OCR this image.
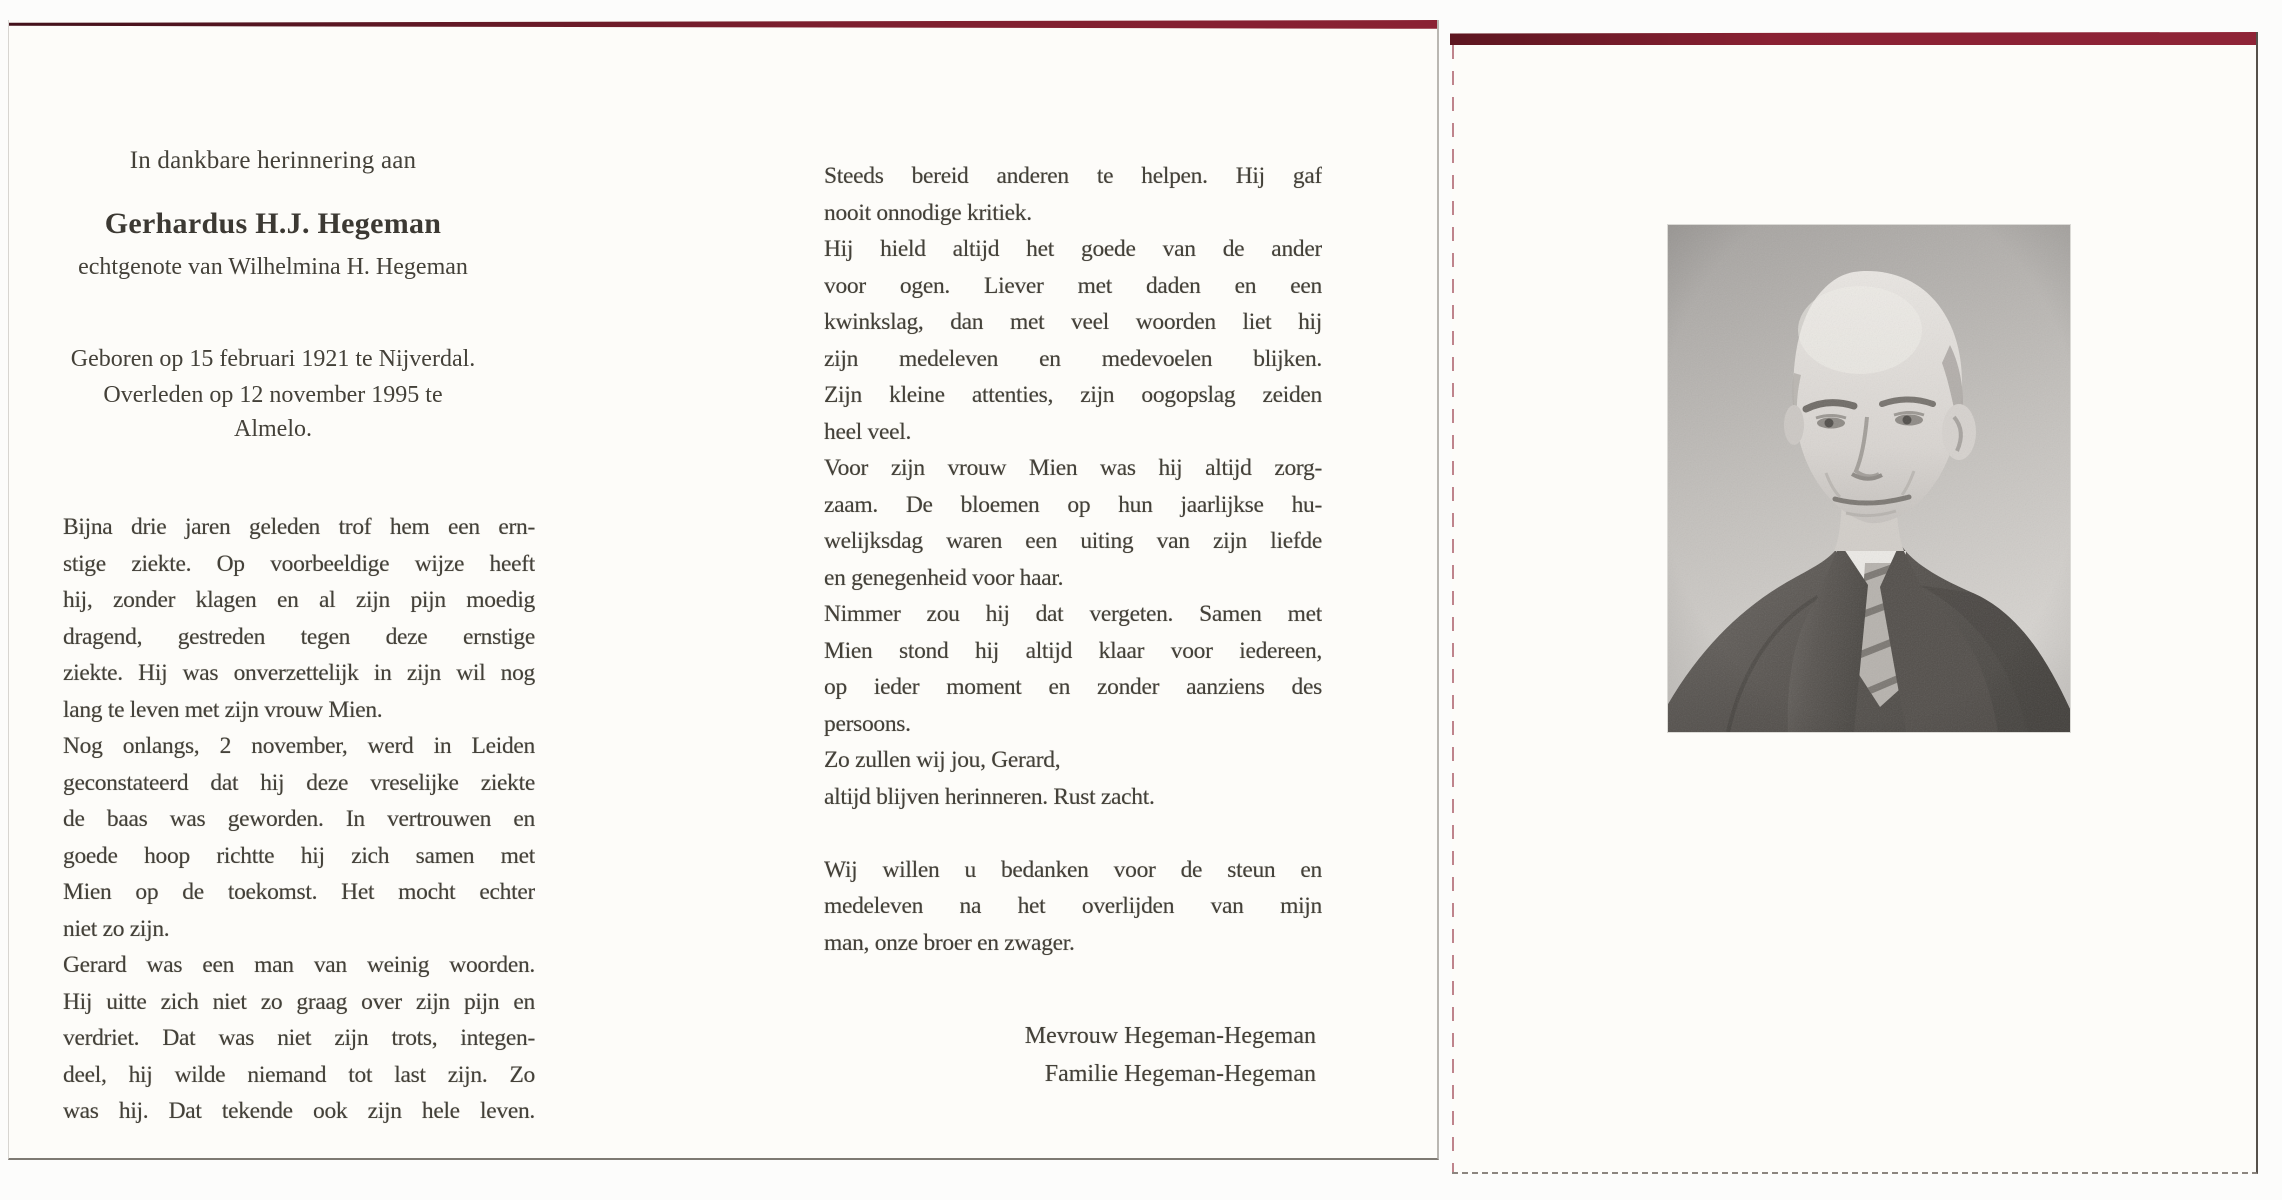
In dankbare herinnering aan

Gerhardus H.J. Hegeman

echtgenote van Wilhelmina H. Hegeman

Geboren op 15 februari 1921 te Nijverdal.

Overleden op 12 november 1995 te Almelo.

Bijna drie jaren geleden trof hem een ern-
stige ziekte. Op voorbeeldige wijze heeft
hij, zonder klagen en al zijn pijn moedig
dragend, gestreden tegen deze ernstige
ziekte. Hij was onverzettelijk in zijn wil nog
lang te leven met zijn vrouw Mien.
Nog onlangs, 2 november, werd in Leiden
geconstateerd dat hij deze vreselijke ziekte
de baas was geworden. In vertrouwen en
goede hoop richtte hij zich samen met
Mien op de toekomst. Het mocht echter
niet zo zijn.
Gerard was een man van weinig woorden.
Hij uitte zich niet zo graag over zijn pijn en
verdriet. Dat was niet zijn trots, integen-
deel, hij wilde niemand tot last zijn. Zo
was hij. Dat tekende ook zijn hele leven.
Steeds bereid anderen te helpen. Hij gaf
nooit onnodige kritiek.
Hij hield altijd het goede van de ander
voor ogen. Liever met daden en een
kwinkslag, dan met veel woorden liet hij
zijn medeleven en medevoelen blijken.
Zijn kleine attenties, zijn oogopslag zeiden
heel veel.
Voor zijn vrouw Mien was hij altijd zorg-
zaam. De bloemen op hun jaarlijkse hu-
welijksdag waren een uiting van zijn liefde
en genegenheid voor haar.
Nimmer zou hij dat vergeten. Samen met
Mien stond hij altijd klaar voor iedereen,
op ieder moment en zonder aanziens des
persoons.
Zo zullen wij jou, Gerard,
altijd blijven herinneren. Rust zacht.

Wij willen u bedanken voor de steun en
medeleven na het overlijden van mijn
man, onze broer en zwager.
Mevrouw Hegeman-Hegeman
Familie Hegeman-Hegeman
